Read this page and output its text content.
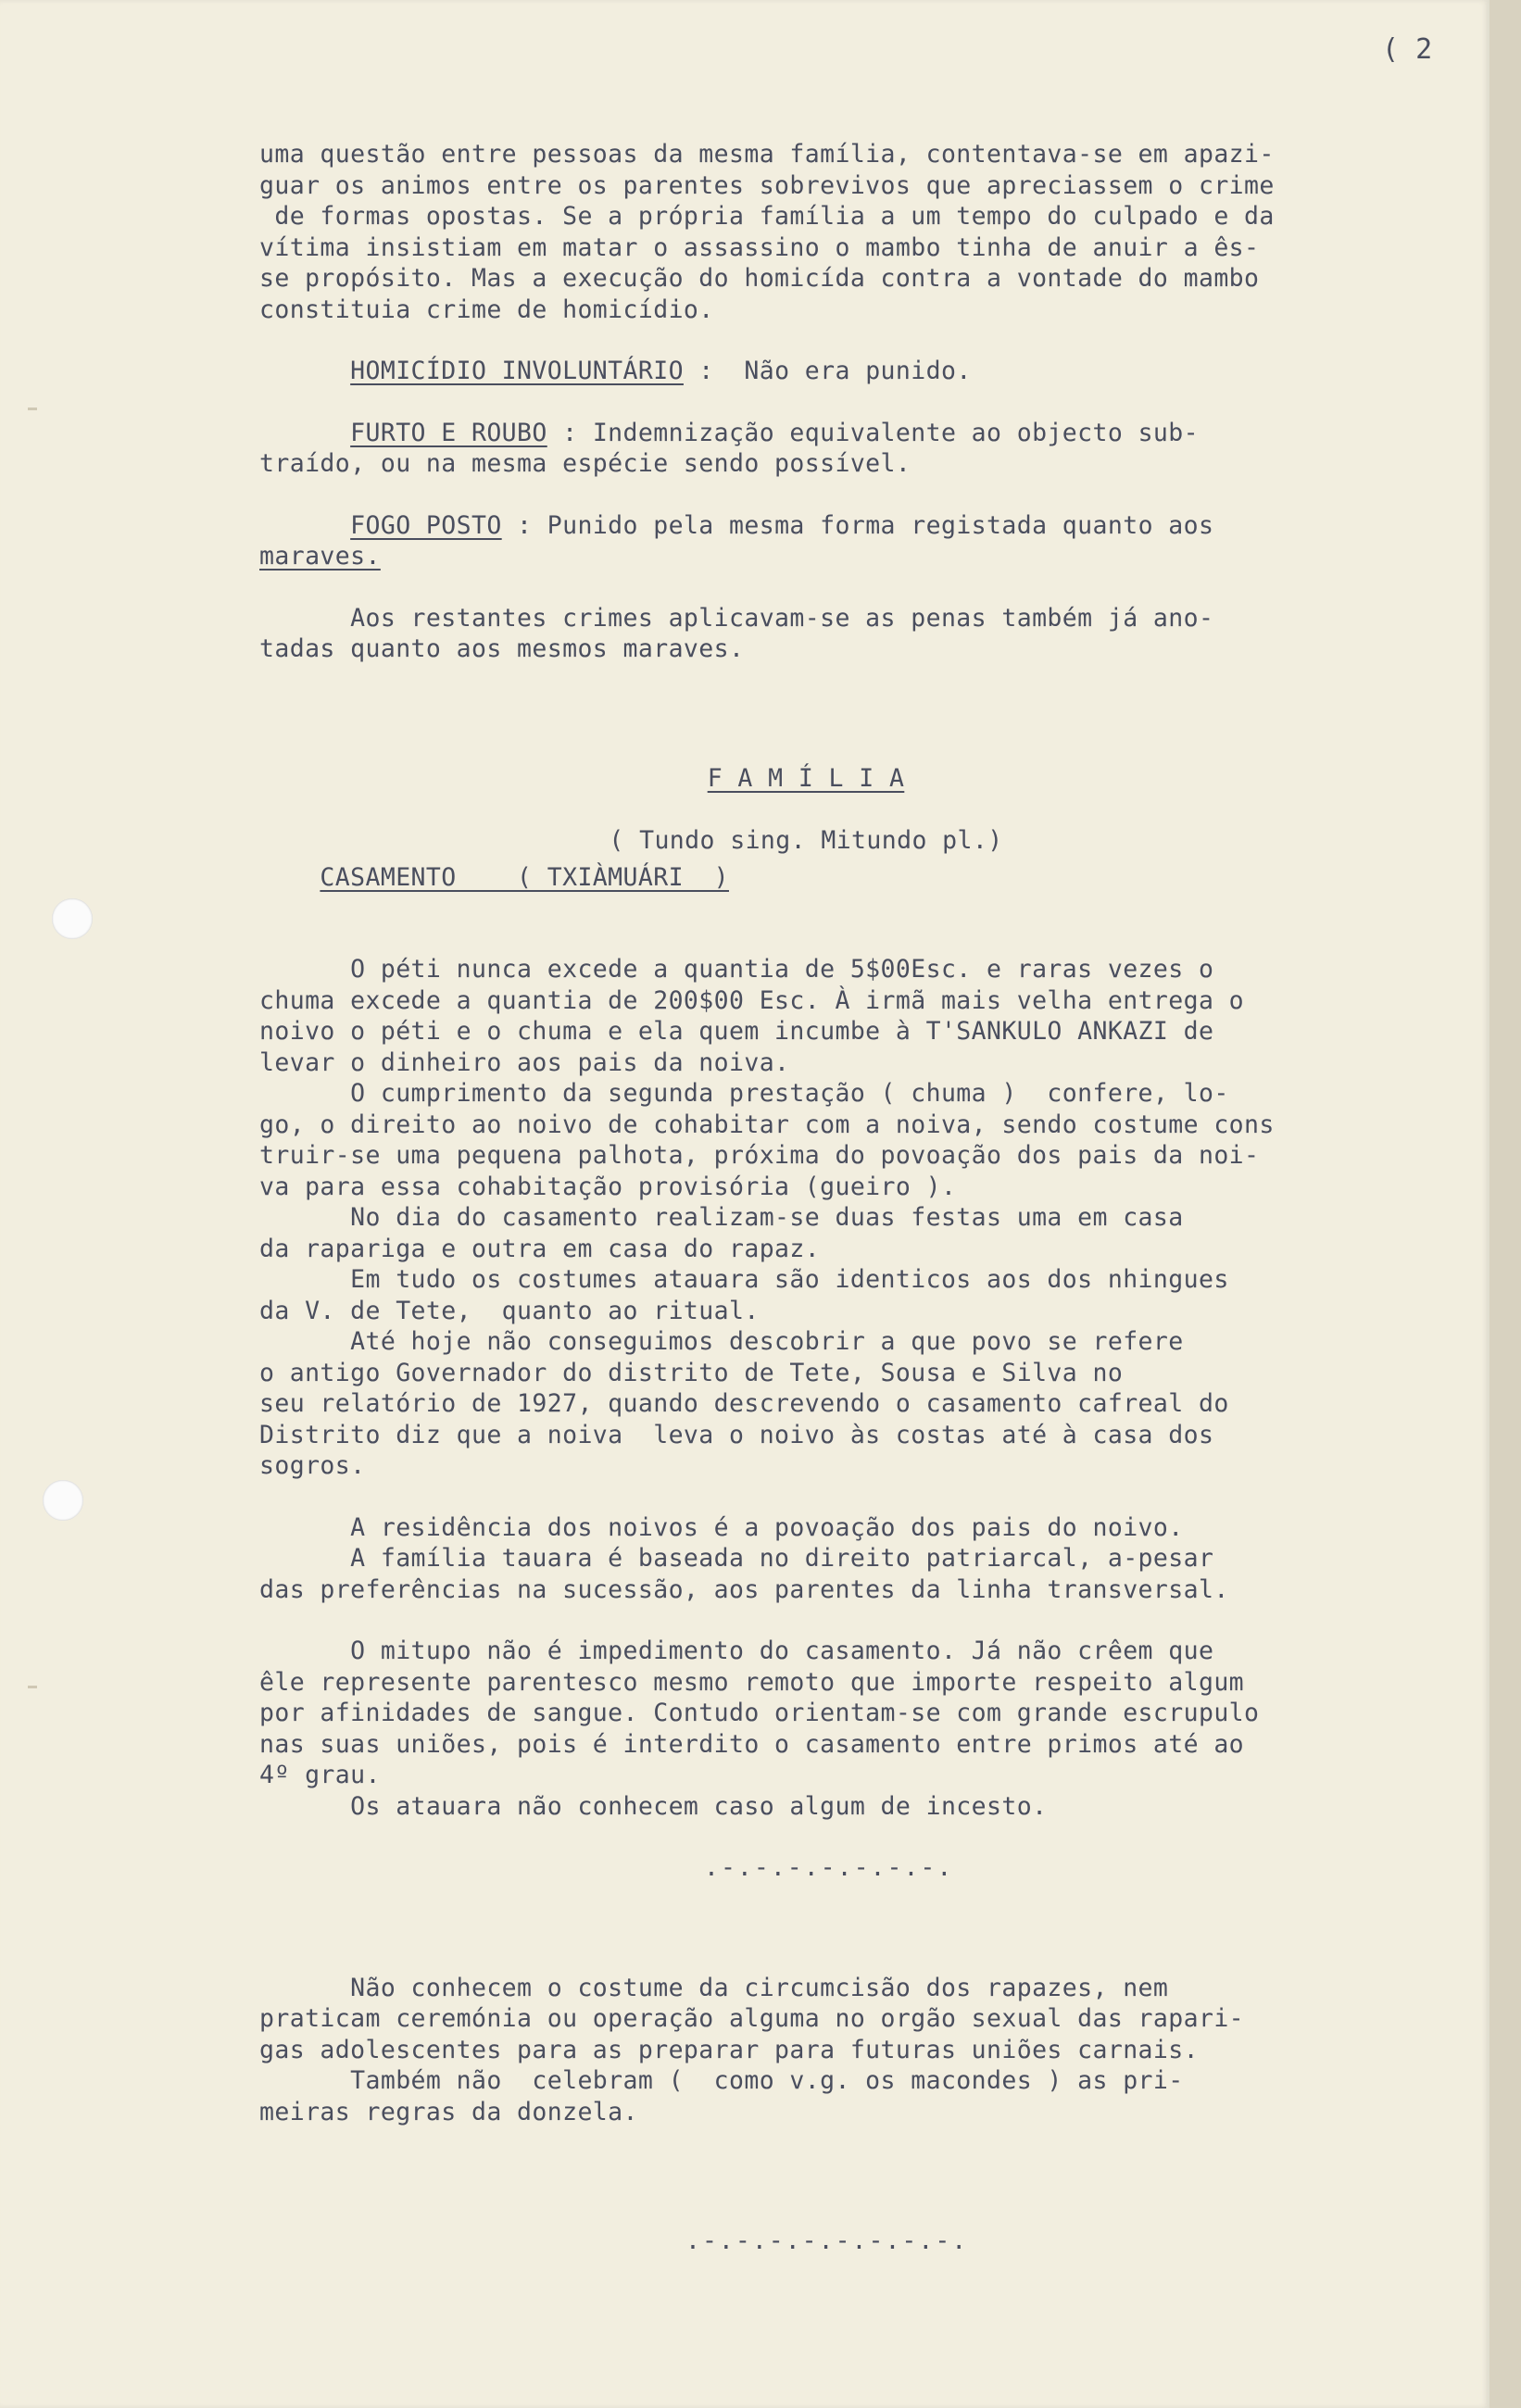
( 2
uma questão entre pessoas da mesma família, contentava-se em apazi-
guar os animos entre os parentes sobrevivos que apreciassem o crime
de formas opostas. Se a própria família a um tempo do culpado e da
vítima insistiam em matar o assassino o mambo tinha de anuir a ês-
se propósito. Mas a execução do homicída contra a vontade do mambo
constituia crime de homicídio.
HOMICÍDIO INVOLUNTÁRIO :  Não era punido.
FURTO E ROUBO : Indemnização equivalente ao objecto sub-
traído, ou na mesma espécie sendo possível.
FOGO POSTO : Punido pela mesma forma registada quanto aos
maraves.
Aos restantes crimes aplicavam-se as penas também já ano-
tadas quanto aos mesmos maraves.
F A M Í L I A
( Tundo sing. Mitundo pl.)
CASAMENTO    ( TXIÀMUÁRI  )
O péti nunca excede a quantia de 5$00Esc. e raras vezes o
chuma excede a quantia de 200$00 Esc. À irmã mais velha entrega o
noivo o péti e o chuma e ela quem incumbe à T'SANKULO ANKAZI de
levar o dinheiro aos pais da noiva.
O cumprimento da segunda prestação ( chuma )  confere, lo-
go, o direito ao noivo de cohabitar com a noiva, sendo costume cons
truir-se uma pequena palhota, próxima do povoação dos pais da noi-
va para essa cohabitação provisória (gueiro ).
No dia do casamento realizam-se duas festas uma em casa
da rapariga e outra em casa do rapaz.
Em tudo os costumes atauara são identicos aos dos nhingues
da V. de Tete,  quanto ao ritual.
Até hoje não conseguimos descobrir a que povo se refere
o antigo Governador do distrito de Tete, Sousa e Silva no
seu relatório de 1927, quando descrevendo o casamento cafreal do
Distrito diz que a noiva  leva o noivo às costas até à casa dos
sogros.
A residência dos noivos é a povoação dos pais do noivo.
A família tauara é baseada no direito patriarcal, a-pesar
das preferências na sucessão, aos parentes da linha transversal.
O mitupo não é impedimento do casamento. Já não crêem que
êle represente parentesco mesmo remoto que importe respeito algum
por afinidades de sangue. Contudo orientam-se com grande escrupulo
nas suas uniões, pois é interdito o casamento entre primos até ao
4º grau.
Os atauara não conhecem caso algum de incesto.
.-.-.-.-.-.-.-.
Não conhecem o costume da circumcisão dos rapazes, nem
praticam ceremónia ou operação alguma no orgão sexual das rapari-
gas adolescentes para as preparar para futuras uniões carnais.
Também não  celebram (  como v.g. os macondes ) as pri-
meiras regras da donzela.
.-.-.-.-.-.-.-.-.
